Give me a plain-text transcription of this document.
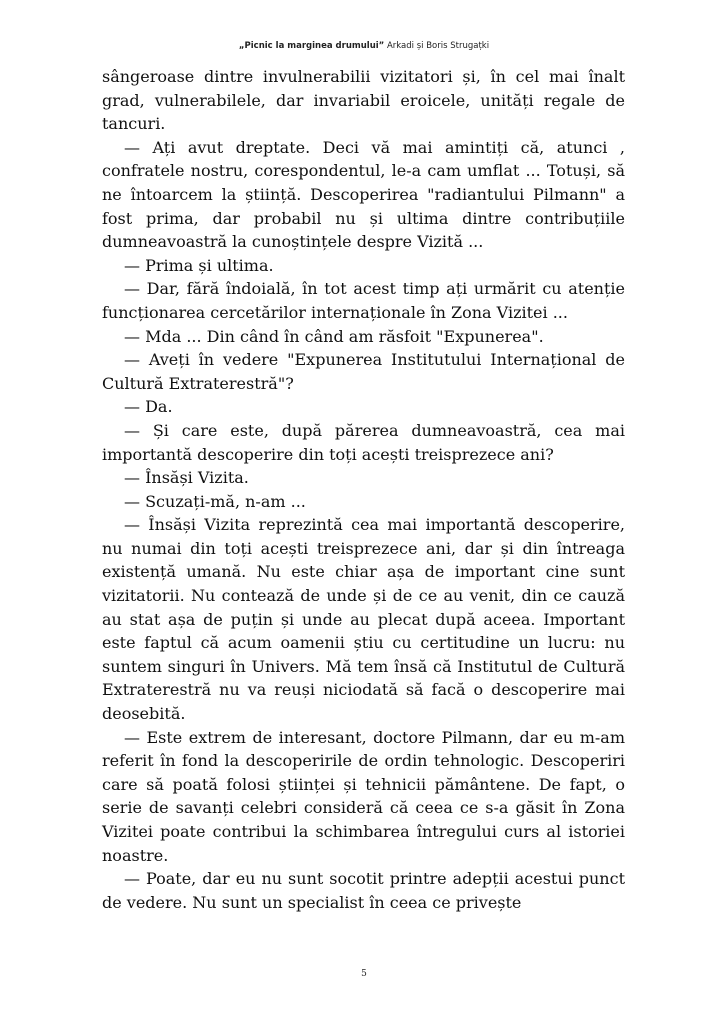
„Picnic la marginea drumului” Arkadi și Boris Strugațki

sângeroase dintre invulnerabilii vizitatori și, în cel mai înalt grad, vulnerabilele, dar invariabil eroicele, unități regale de tancuri.

— Ați avut dreptate. Deci vă mai amintiți că, atunci , confratele nostru, corespondentul, le-a cam umflat ... Totuși, să ne întoarcem la știință. Descoperirea "radiantului Pilmann" a fost prima, dar probabil nu și ultima dintre contribuțiile dumneavoastră la cunoștințele despre Vizită ...

— Prima și ultima.

— Dar, fără îndoială, în tot acest timp ați urmărit cu atenție funcționarea cercetărilor internaționale în Zona Vizitei ...

— Mda ... Din când în când am răsfoit "Expunerea".

— Aveți în vedere "Expunerea Institutului Internațional de Cultură Extraterestră"?

— Da.

— Și care este, după părerea dumneavoastră, cea mai importantă descoperire din toți acești treisprezece ani?

— Însăși Vizita.

— Scuzați-mă, n-am ...

— Însăși Vizita reprezintă cea mai importantă descoperire, nu numai din toți acești treisprezece ani, dar și din întreaga existență umană. Nu este chiar așa de important cine sunt vizitatorii. Nu contează de unde și de ce au venit, din ce cauză au stat așa de puțin și unde au plecat după aceea. Important este faptul că acum oamenii știu cu certitudine un lucru: nu suntem singuri în Univers. Mă tem însă că Institutul de Cultură Extraterestră nu va reuși niciodată să facă o descoperire mai deosebită.

— Este extrem de interesant, doctore Pilmann, dar eu m-am referit în fond la descoperirile de ordin tehnologic. Descoperiri care să poată folosi științei și tehnicii pământene. De fapt, o serie de savanți celebri consideră că ceea ce s-a găsit în Zona Vizitei poate contribui la schimbarea întregului curs al istoriei noastre.

— Poate, dar eu nu sunt socotit printre adepții acestui punct de vedere. Nu sunt un specialist în ceea ce privește

5
